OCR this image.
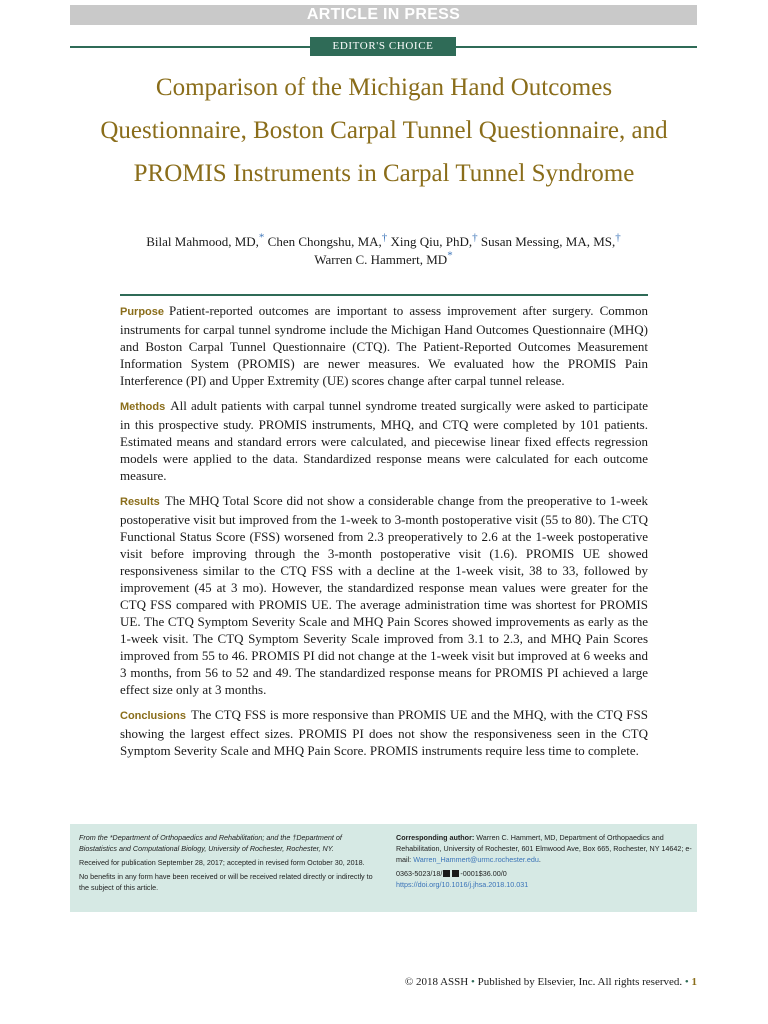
ARTICLE IN PRESS
EDITOR'S CHOICE
Comparison of the Michigan Hand Outcomes Questionnaire, Boston Carpal Tunnel Questionnaire, and PROMIS Instruments in Carpal Tunnel Syndrome
Bilal Mahmood, MD,* Chen Chongshu, MA,† Xing Qiu, PhD,† Susan Messing, MA, MS,†
Warren C. Hammert, MD*

Purpose Patient-reported outcomes are important to assess improvement after surgery. Common instruments for carpal tunnel syndrome include the Michigan Hand Outcomes Questionnaire (MHQ) and Boston Carpal Tunnel Questionnaire (CTQ). The Patient-Reported Outcomes Measurement Information System (PROMIS) are newer measures. We evaluated how the PROMIS Pain Interference (PI) and Upper Extremity (UE) scores change after carpal tunnel release.

Methods All adult patients with carpal tunnel syndrome treated surgically were asked to participate in this prospective study. PROMIS instruments, MHQ, and CTQ were completed by 101 patients. Estimated means and standard errors were calculated, and piecewise linear fixed effects regression models were applied to the data. Standardized response means were calculated for each outcome measure.

Results The MHQ Total Score did not show a considerable change from the preoperative to 1-week postoperative visit but improved from the 1-week to 3-month postoperative visit (55 to 80). The CTQ Functional Status Score (FSS) worsened from 2.3 preoperatively to 2.6 at the 1-week postoperative visit before improving through the 3-month postoperative visit (1.6). PROMIS UE showed responsiveness similar to the CTQ FSS with a decline at the 1-week visit, 38 to 33, followed by improvement (45 at 3 mo). However, the standardized response mean values were greater for the CTQ FSS compared with PROMIS UE. The average administration time was shortest for PROMIS UE. The CTQ Symptom Severity Scale and MHQ Pain Scores showed improvements as early as the 1-week visit. The CTQ Symptom Severity Scale improved from 3.1 to 2.3, and MHQ Pain Scores improved from 55 to 46. PROMIS PI did not change at the 1-week visit but improved at 6 weeks and 3 months, from 56 to 52 and 49. The standardized response means for PROMIS PI achieved a large effect size only at 3 months.

Conclusions The CTQ FSS is more responsive than PROMIS UE and the MHQ, with the CTQ FSS showing the largest effect sizes. PROMIS PI does not show the responsiveness seen in the CTQ Symptom Severity Scale and MHQ Pain Score. PROMIS instruments require less time to complete.

From the *Department of Orthopaedics and Rehabilitation; and the †Department of Biostatistics and Computational Biology, University of Rochester, Rochester, NY.

Received for publication September 28, 2017; accepted in revised form October 30, 2018.

No benefits in any form have been received or will be received related directly or indirectly to the subject of this article.

Corresponding author: Warren C. Hammert, MD, Department of Orthopaedics and Rehabilitation, University of Rochester, 601 Elmwood Ave, Box 665, Rochester, NY 14642; e-mail: Warren_Hammert@urmc.rochester.edu.

0363-5023/18/	-0001$36.00/0
https://doi.org/10.1016/j.jhsa.2018.10.031

© 2018 ASSH • Published by Elsevier, Inc. All rights reserved. • 1
